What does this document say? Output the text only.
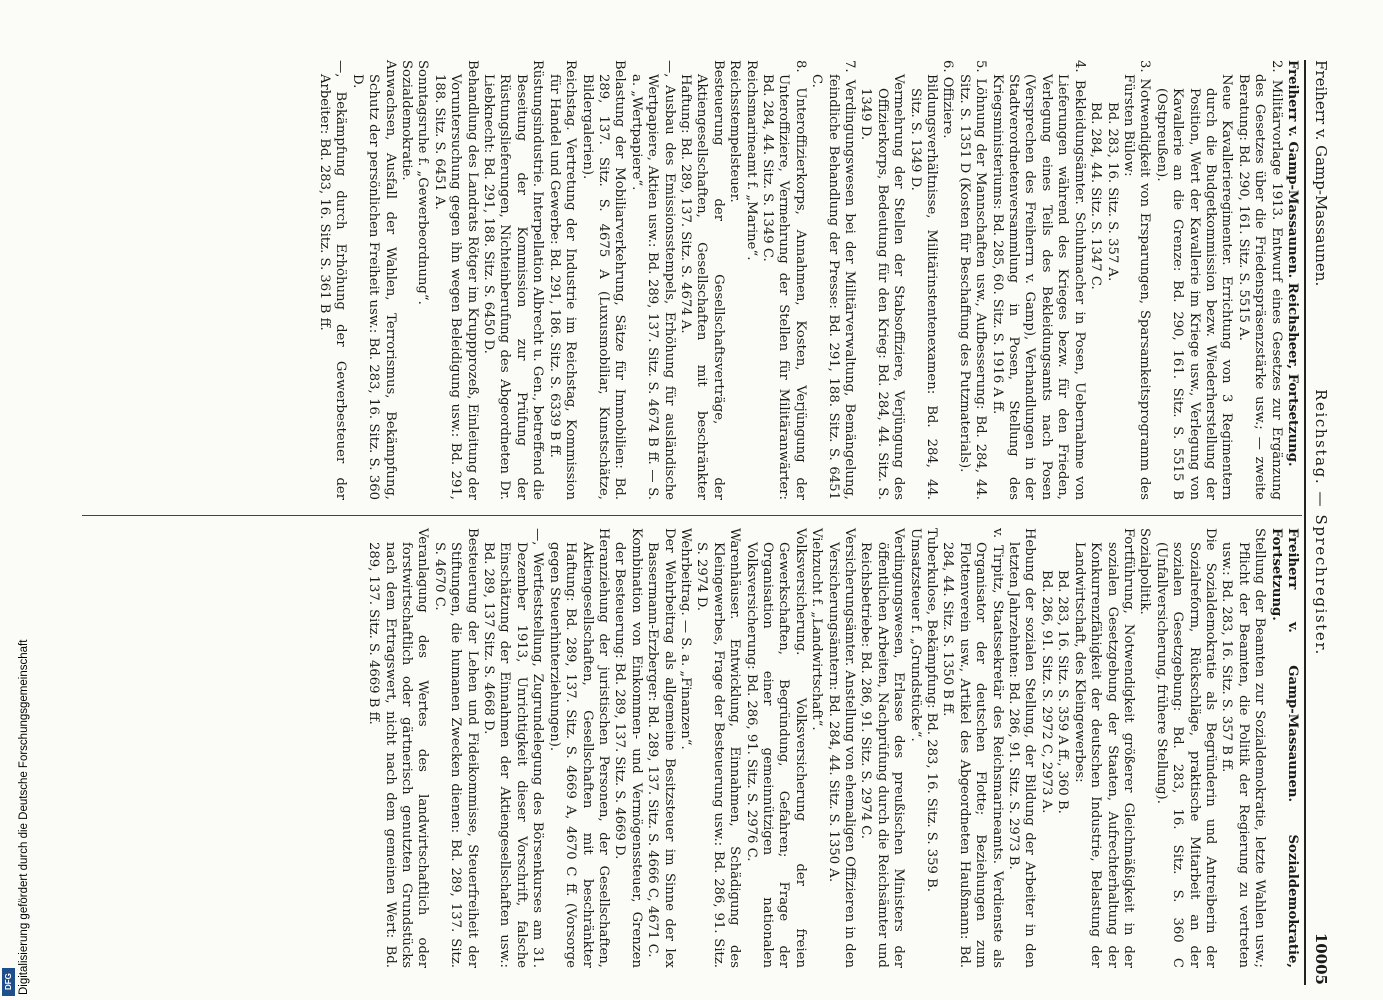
Freiherr v. Gamp-Massaunen.
Reichstag. — Sprechregister.
10005

Freiherr v. Gamp-Massaunen. Reichsheer, Fortsetzung.

2. Militärvorlage 1913. Entwurf eines Gesetzes zur Ergänzung des Gesetzes über die Friedenspräsenzstärke usw.; — zweite Beratung: Bd. 290, 161. Sitz. S. 5515 A.

Neue Kavallerieregimenter. Errichtung von 3 Regimentern durch die Budgetkommission bezw. Wiederherstellung der Position, Wert der Kavallerie im Kriege usw., Verlegung von Kavallerie an die Grenze: Bd. 290, 161. Sitz. S. 5515 B (Ostpreußen).

3. Notwendigkeit von Ersparungen, Sparsamkeitsprogramm des Fürsten Bülow:

Bd. 283, 16. Sitz. S. 357 A.

Bd. 284, 44. Sitz. S. 1347 C.

4. Bekleidungsämter. Schuhmacher in Posen, Uebernahme von Lieferungen während des Krieges bezw. für den Frieden, Verlegung eines Teils des Bekleidungsamts nach Posen (Versprechen des Freiherrn v. Gamp), Verhandlungen in der Stadtverordnetenversammlung in Posen, Stellung des Kriegsministeriums: Bd. 285, 60. Sitz. S. 1916 A ff.

5. Löhnung der Mannschaften usw., Aufbesserung: Bd. 284, 44. Sitz. S. 1351 D (Kosten für Beschaffung des Putzmaterials).

6. Offiziere.

Bildungsverhältnisse, Militärinstentenexamen: Bd. 284, 44. Sitz. S. 1349 D.

Vermehrung der Stellen der Stabsoffiziere, Verjüngung des Offizierkorps, Bedeutung für den Krieg: Bd. 284, 44. Sitz. S. 1349 D.

7. Verdingungswesen bei der Militärverwaltung, Bemängelung, feindliche Behandlung der Presse: Bd. 291, 188. Sitz. S. 6451 C.

8. Unteroffizierkorps, Annahmen, Kosten, Verjüngung der Unteroffiziere, Vermehrung der Stellen für Militäranwärter: Bd. 284, 44. Sitz. S. 1349 C.

Reichsmarineamt f. „Marine“.

Reichsstempelsteuer.

Besteuerung der Gesellschaftsverträge, der Aktiengesellschaften, Gesellschaften mit beschränkter Haftung: Bd. 289, 137. Sitz. S. 4674 A.

—, Ausbau des Emissionsstempels, Erhöhung für ausländische Wertpapiere, Aktien usw.: Bd. 289, 137. Sitz. S. 4674 B ff. — S. a. „Wertpapiere“.

Belastung der Mobiliarverkehrung, Sätze für Immobilien: Bd. 289, 137. Sitz. S. 4675 A (Luxusmobiliar, Kunstschätze, Bildergalerien).

Reichstag. Vertretung der Industrie im Reichstag, Kommission für Handel und Gewerbe: Bd. 291, 186. Sitz. S. 6339 B ff.

Rüstungsindustrie. Interpellation Albrecht u. Gen., betreffend die Beseitung der Kommission zur Prüfung der Rüstungslieferungen, Nichteinberufung des Abgeordneten Dr. Liebknecht: Bd. 291, 188. Sitz. S. 6450 D.

Behandlung des Landrats Rötger im Kruppprozeß, Einleitung der Voruntersuchung gegen ihn wegen Beleidigung usw.: Bd. 291, 188. Sitz. S. 6451 A.

Sonntagsruhe f. „Gewerbeordnung“.

Sozialdemokratie.

Anwachsen, Ausfall der Wahlen, Terrorismus, Bekämpfung, Schutz der persönlichen Freiheit usw.: Bd. 283, 16. Sitz. S. 360 D.

—, Bekämpfung durch Erhöhung der Gewerbesteuer der Arbeiter: Bd. 283, 16. Sitz. S. 361 B ff.

Freiherr v. Gamp-Massaunen. Sozialdemokratie, Fortsetzung.

Stellung der Beamten zur Sozialdemokratie, letzte Wahlen usw.; Pflicht der Beamten, die Politik der Regierung zu vertreten usw.: Bd. 283, 16. Sitz. S. 357 B ff.

Die Sozialdemokratie als Begründerin und Antreiberin der Sozialreform, Rückschläge, praktische Mitarbeit an der sozialen Gesetzgebung: Bd. 283, 16. Sitz. S. 360 C (Unfallversicherung, frühere Stellung).

Sozialpolitik.

Fortführung, Notwendigkeit größerer Gleichmäßigkeit in der sozialen Gesetzgebung der Staaten, Aufrechterhaltung der Konkurrenzfähigkeit der deutschen Industrie, Belastung der Landwirtschaft, des Kleingewerbes:

Bd. 283, 16. Sitz. S. 359 A ff., 360 B.

Bd. 286, 91. Sitz. S. 2972 C, 2973 A.

Hebung der sozialen Stellung, der Bildung der Arbeiter in den letzten Jahrzehnten: Bd. 286, 91. Sitz. S. 2973 B.

v. Tirpitz, Staatssekretär des Reichsmarineamts. Verdienste als Organisator der deutschen Flotte; Beziehungen zum Flottenverein usw., Artikel des Abgeordneten Haußmann: Bd. 284, 44. Sitz. S. 1350 B ff.

Tuberkulose, Bekämpfung: Bd. 283, 16. Sitz. S. 359 B.

Umsatzsteuer f. „Grundstücke“.

Verdingungswesen, Erlasse des preußischen Ministers der öffentlichen Arbeiten, Nachprüfung durch die Reichsämter und Reichsbetriebe: Bd. 286, 91. Sitz. S. 2974 C.

Versicherungsämter. Anstellung von ehemaligen Offizieren in den Versicherungsämtern: Bd. 284, 44. Sitz. S. 1350 A.

Viehzucht f. „Landwirtschaft“.

Volksversicherung. Volksversicherung der freien Gewerkschaften, Begründung, Gefahren; Frage der Organisation einer gemeinnützigen nationalen Volksversicherung: Bd. 286, 91. Sitz. S. 2976 C.

Warenhäuser. Entwicklung, Einnahmen, Schädigung des Kleingewerbes, Frage der Besteuerung usw.: Bd. 286, 91. Sitz. S. 2974 D.

Wehrbeitrag. — S. a. „Finanzen“.

Der Wehrbeitrag als allgemeine Besitzsteuer im Sinne der lex Bassermann-Erzberger: Bd. 289, 137. Sitz. S. 4666 C, 4671 C.

Kombination von Einkommen- und Vermögenssteuer, Grenzen der Besteuerung: Bd. 289, 137. Sitz. S. 4669 D.

Heranziehung der juristischen Personen, der Gesellschaften, Aktiengesellschaften, Gesellschaften mit beschränkter Haftung: Bd. 289, 137. Sitz. S. 4669 A, 4670 C ff. (Vorsorge gegen Steuerhinterziehungen).

—, Wertfeststellung, Zugrundelegung des Börsenkurses am 31. Dezember 1913, Unrichtigkeit dieser Vorschrift, falsche Einschätzung der Einnahmen der Aktiengesellschaften usw.: Bd. 289, 137 Sitz. S. 4668 D.

Besteuerung der Lehen und Fideikommisse, Steuerfreiheit der Stiftungen, die humanen Zwecken dienen: Bd. 289, 137. Sitz. S. 4670 C.

Veranlagung des Wertes des landwirtschaftlich oder forstwirtschaftlich oder gärtnerisch genutzten Grundstücks nach dem Ertragswert, nicht nach dem gemeinen Wert: Bd. 289, 137. Sitz. S. 4669 B ff.

DFG Digitalisierung gefördert durch die Deutsche Forschungsgemeinschaft
